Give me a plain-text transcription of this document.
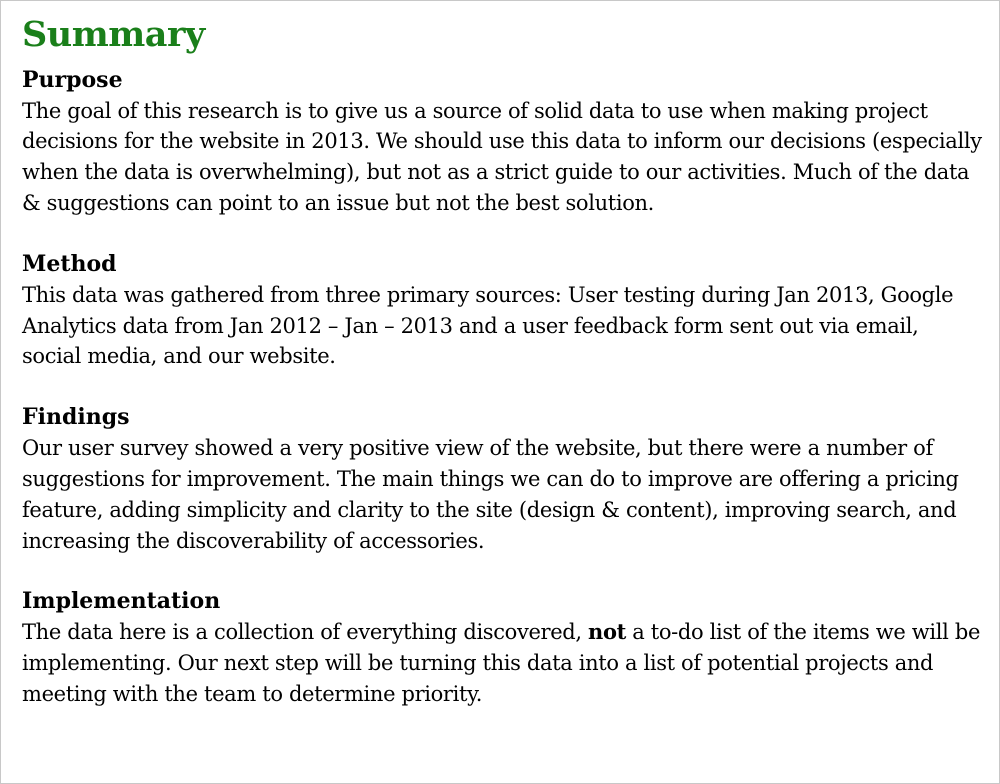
Summary
Purpose

The goal of this research is to give us a source of solid data to use when making project decisions for the website in 2013. We should use this data to inform our decisions (especially when the data is overwhelming), but not as a strict guide to our activities. Much of the data & suggestions can point to an issue but not the best solution.

Method

This data was gathered from three primary sources: User testing during Jan 2013, Google Analytics data from Jan 2012 – Jan – 2013 and a user feedback form sent out via email, social media, and our website.

Findings

Our user survey showed a very positive view of the website, but there were a number of suggestions for improvement. The main things we can do to improve are offering a pricing feature, adding simplicity and clarity to the site (design & content), improving search, and increasing the discoverability of accessories.

Implementation

The data here is a collection of everything discovered, not a to-do list of the items we will be implementing. Our next step will be turning this data into a list of potential projects and meeting with the team to determine priority.
